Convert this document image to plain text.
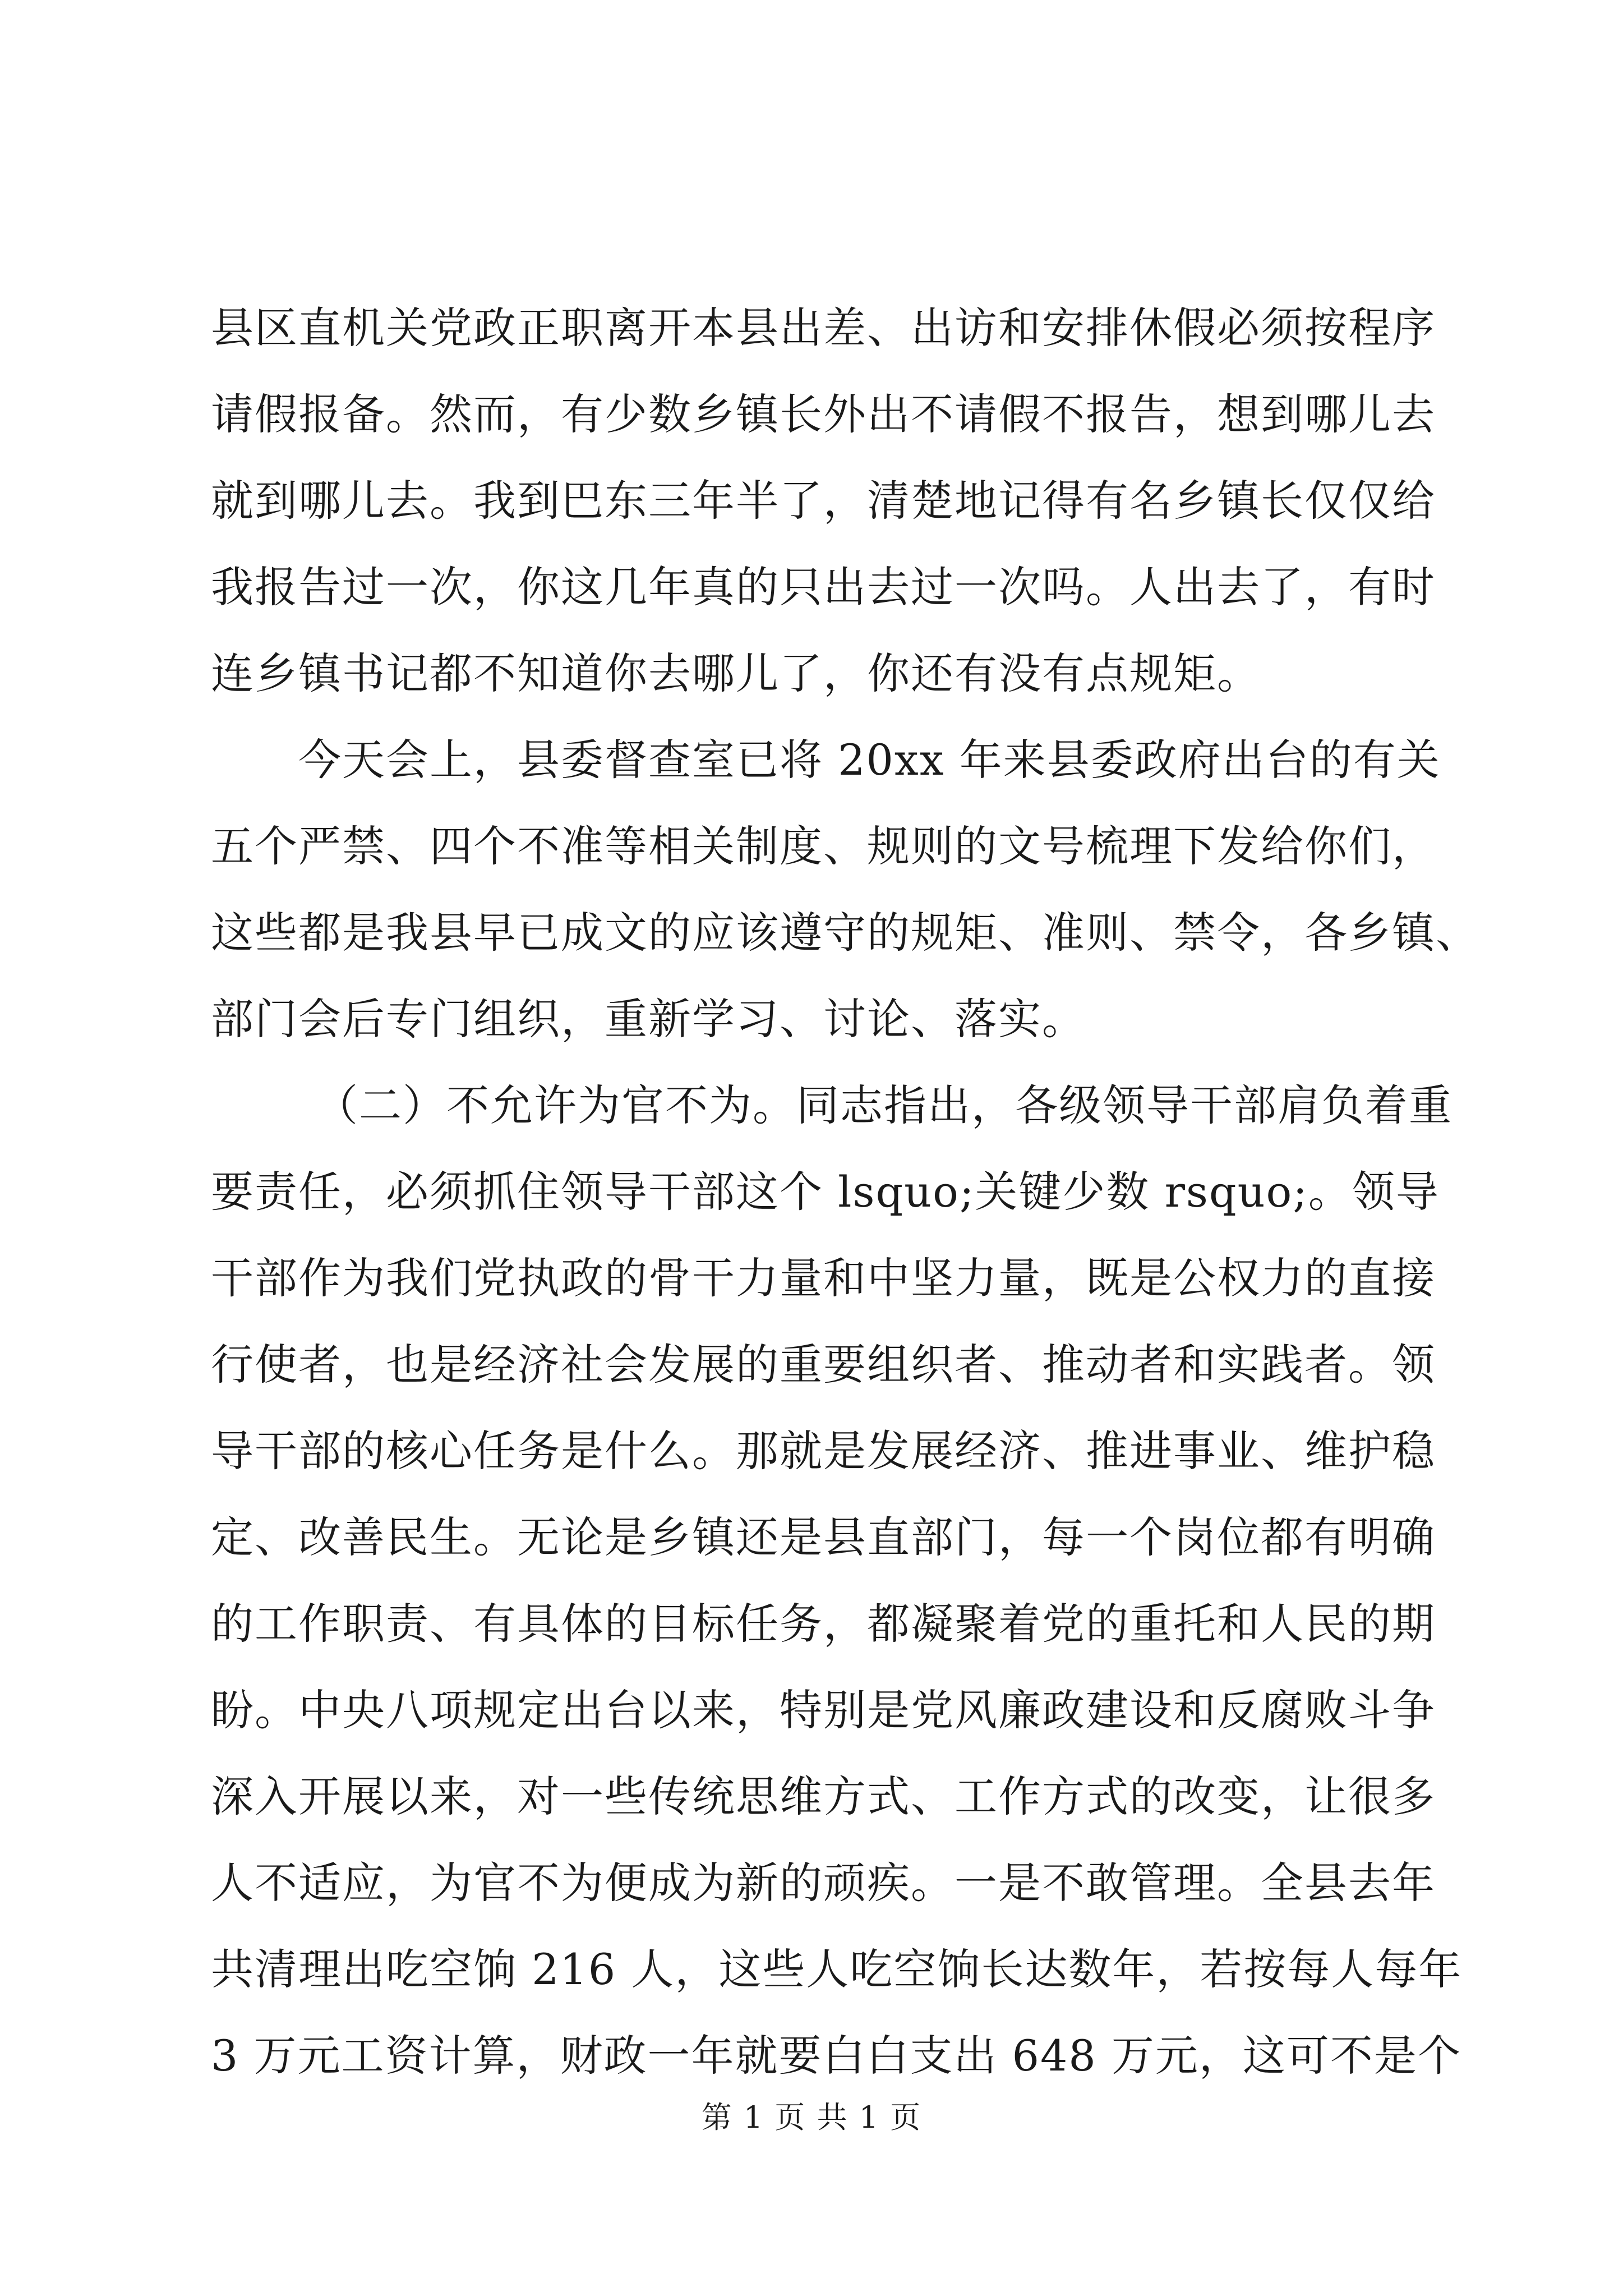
县区直机关党政正职离开本县出差、出访和安排休假必须按程序
请假报备。然而，有少数乡镇长外出不请假不报告，想到哪儿去
就到哪儿去。我到巴东三年半了，清楚地记得有名乡镇长仅仅给
我报告过一次，你这几年真的只出去过一次吗。人出去了，有时
连乡镇书记都不知道你去哪儿了，你还有没有点规矩。
今天会上，县委督查室已将 20xx 年来县委政府出台的有关
五个严禁、四个不准等相关制度、规则的文号梳理下发给你们，
这些都是我县早已成文的应该遵守的规矩、准则、禁令，各乡镇、
部门会后专门组织，重新学习、讨论、落实。
（二）不允许为官不为。同志指出，各级领导干部肩负着重
要责任，必须抓住领导干部这个 lsquo;关键少数 rsquo;。领导
干部作为我们党执政的骨干力量和中坚力量，既是公权力的直接
行使者，也是经济社会发展的重要组织者、推动者和实践者。领
导干部的核心任务是什么。那就是发展经济、推进事业、维护稳
定、改善民生。无论是乡镇还是县直部门，每一个岗位都有明确
的工作职责、有具体的目标任务，都凝聚着党的重托和人民的期
盼。中央八项规定出台以来，特别是党风廉政建设和反腐败斗争
深入开展以来，对一些传统思维方式、工作方式的改变，让很多
人不适应，为官不为便成为新的顽疾。一是不敢管理。全县去年
共清理出吃空饷 216 人，这些人吃空饷长达数年，若按每人每年
3 万元工资计算，财政一年就要白白支出 648 万元，这可不是个
第 1 页 共 1 页
